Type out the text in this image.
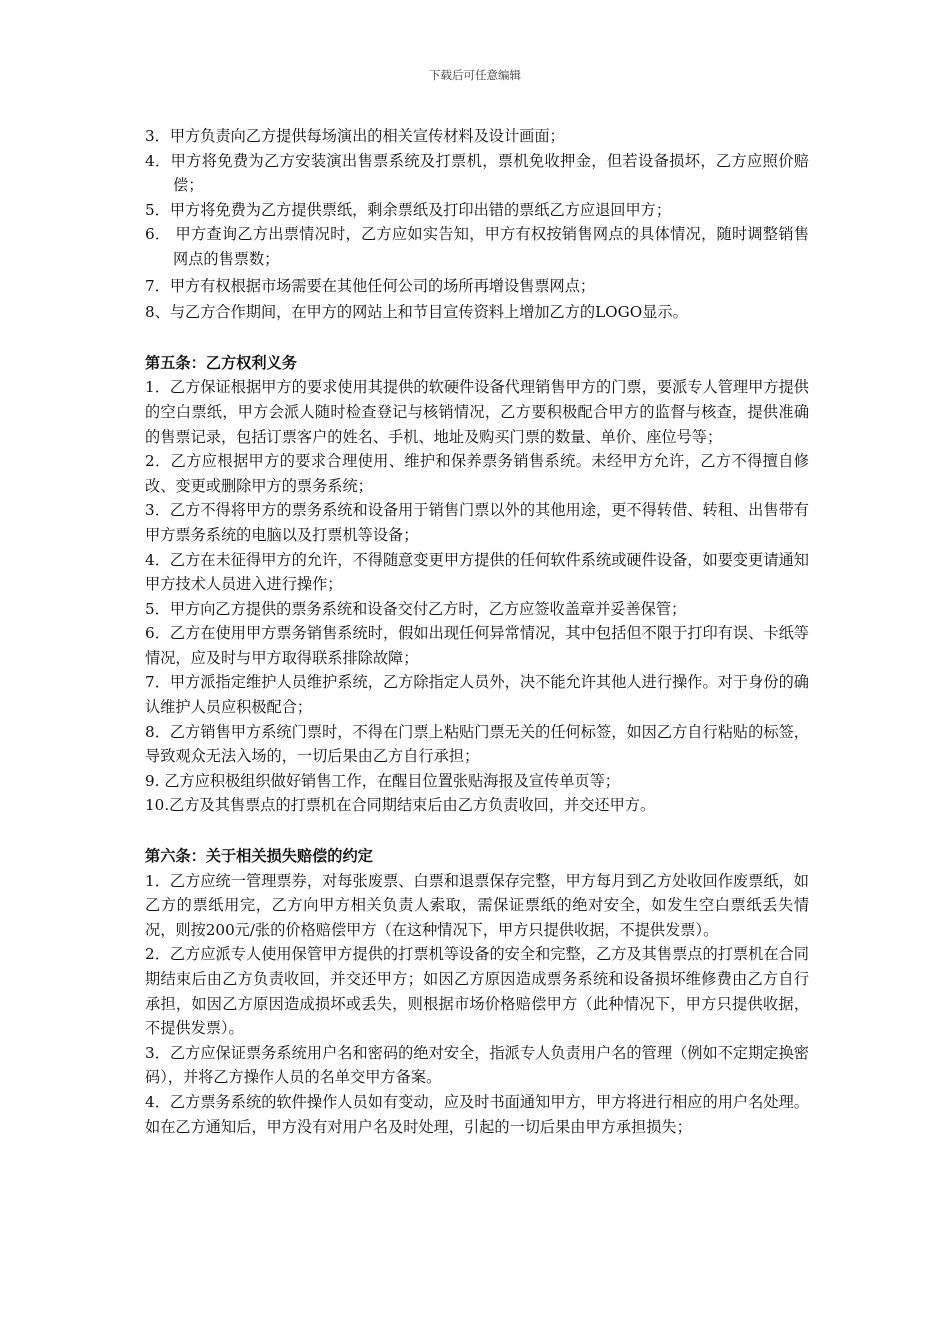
下载后可任意编辑

3．甲方负责向乙方提供每场演出的相关宣传材料及设计画面；

4．甲方将免费为乙方安装演出售票系统及打票机，票机免收押金，但若设备损坏，乙方应照价赔偿；

5．甲方将免费为乙方提供票纸，剩余票纸及打印出错的票纸乙方应退回甲方；

6． 甲方查询乙方出票情况时，乙方应如实告知，甲方有权按销售网点的具体情况，随时调整销售网点的售票数；

7．甲方有权根据市场需要在其他任何公司的场所再增设售票网点；

8、与乙方合作期间，在甲方的网站上和节目宣传资料上增加乙方的LOGO显示。

第五条：乙方权利义务

1．乙方保证根据甲方的要求使用其提供的软硬件设备代理销售甲方的门票，要派专人管理甲方提供的空白票纸，甲方会派人随时检查登记与核销情况，乙方要积极配合甲方的监督与核查，提供准确的售票记录，包括订票客户的姓名、手机、地址及购买门票的数量、单价、座位号等；

2．乙方应根据甲方的要求合理使用、维护和保养票务销售系统。未经甲方允许，乙方不得擅自修改、变更或删除甲方的票务系统；

3．乙方不得将甲方的票务系统和设备用于销售门票以外的其他用途，更不得转借、转租、出售带有甲方票务系统的电脑以及打票机等设备；

4．乙方在未征得甲方的允许，不得随意变更甲方提供的任何软件系统或硬件设备，如要变更请通知甲方技术人员进入进行操作；

5．甲方向乙方提供的票务系统和设备交付乙方时，乙方应签收盖章并妥善保管；

6．乙方在使用甲方票务销售系统时，假如出现任何异常情况，其中包括但不限于打印有误、卡纸等情况，应及时与甲方取得联系排除故障；

7．甲方派指定维护人员维护系统，乙方除指定人员外，决不能允许其他人进行操作。对于身份的确认维护人员应积极配合；

8．乙方销售甲方系统门票时，不得在门票上粘贴门票无关的任何标签，如因乙方自行粘贴的标签，导致观众无法入场的，一切后果由乙方自行承担；

9. 乙方应积极组织做好销售工作，在醒目位置张贴海报及宣传单页等；

10.乙方及其售票点的打票机在合同期结束后由乙方负责收回，并交还甲方。

第六条：关于相关损失赔偿的约定

1．乙方应统一管理票券，对每张废票、白票和退票保存完整，甲方每月到乙方处收回作废票纸，如乙方的票纸用完，乙方向甲方相关负责人索取，需保证票纸的绝对安全，如发生空白票纸丢失情况，则按200元/张的价格赔偿甲方（在这种情况下，甲方只提供收据，不提供发票）。

2．乙方应派专人使用保管甲方提供的打票机等设备的安全和完整，乙方及其售票点的打票机在合同期结束后由乙方负责收回，并交还甲方；如因乙方原因造成票务系统和设备损坏维修费由乙方自行承担，如因乙方原因造成损坏或丢失，则根据市场价格赔偿甲方（此种情况下，甲方只提供收据，不提供发票）。

3．乙方应保证票务系统用户名和密码的绝对安全，指派专人负责用户名的管理（例如不定期定换密码），并将乙方操作人员的名单交甲方备案。

4．乙方票务系统的软件操作人员如有变动，应及时书面通知甲方，甲方将进行相应的用户名处理。如在乙方通知后，甲方没有对用户名及时处理，引起的一切后果由甲方承担损失；
